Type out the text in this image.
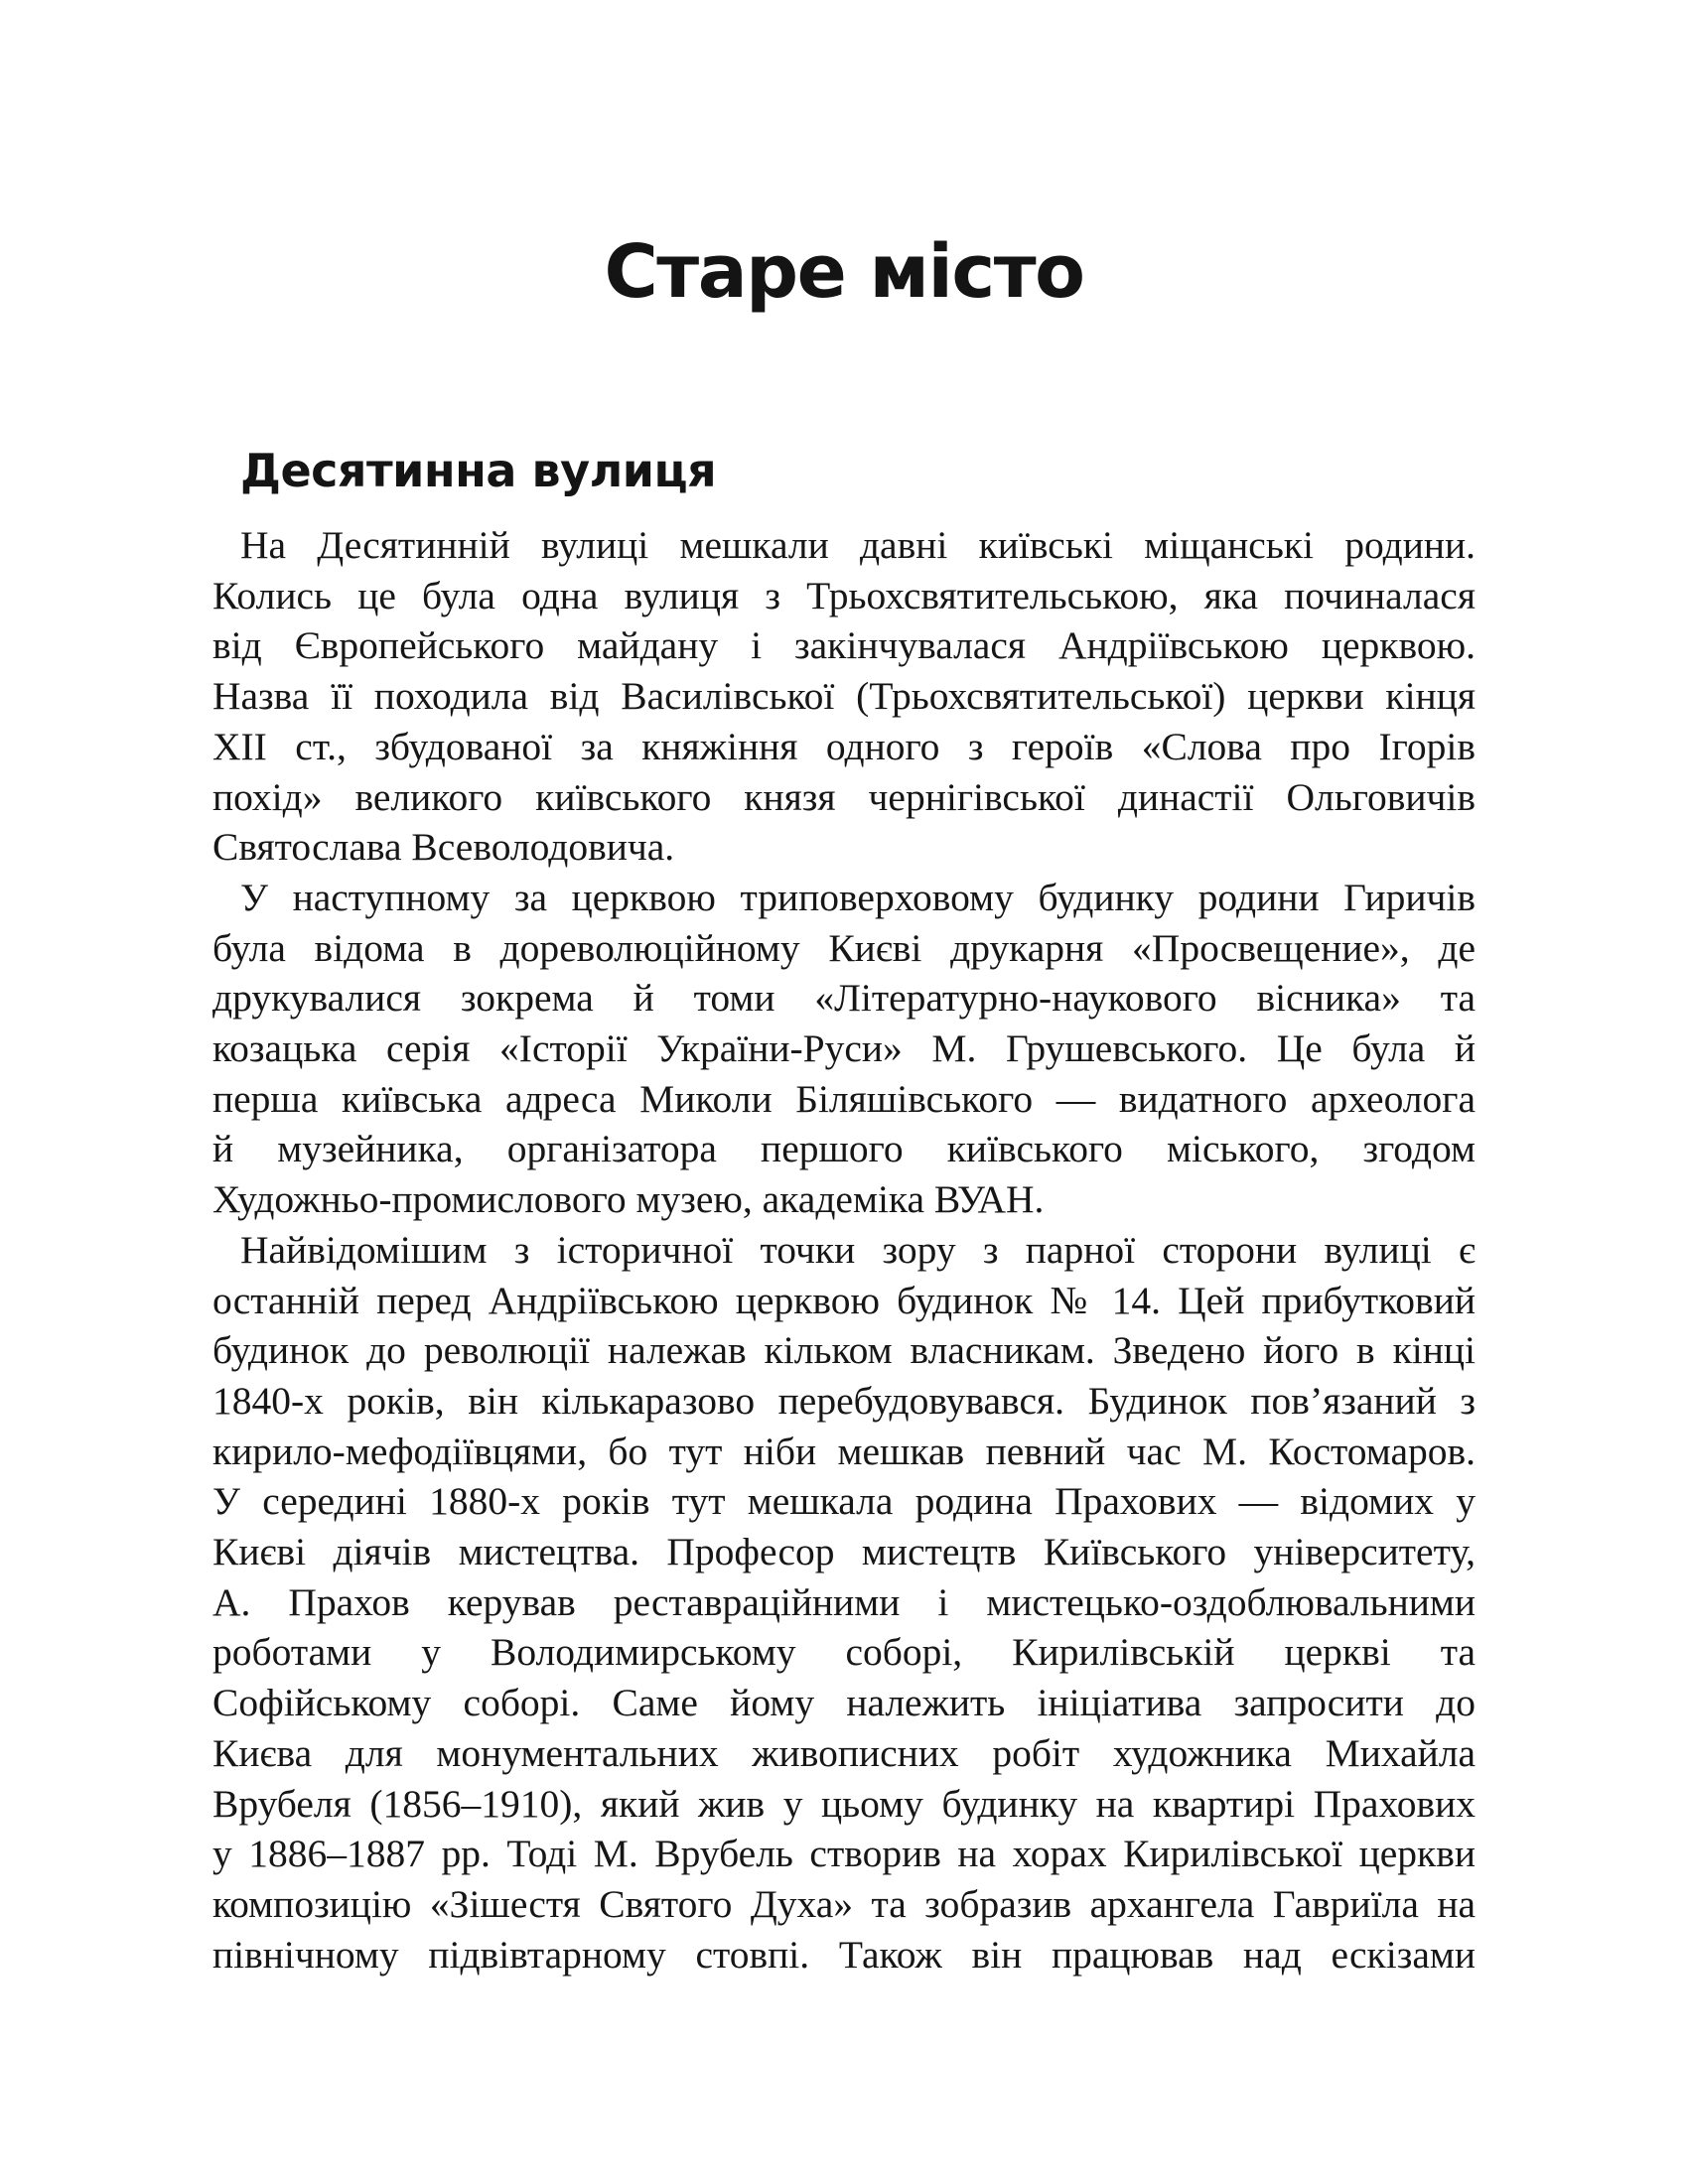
Старе місто
Десятинна вулиця
На Десятинній вулиці мешкали давні київські міщанські родини.
Колись це була одна вулиця з Трьохсвятительською, яка починалася
від Європейського майдану і закінчувалася Андріївською церквою.
Назва її походила від Василівської (Трьохсвятительської) церкви кінця
XII ст., збудованої за княжіння одного з героїв «Слова про Ігорів
похід» великого київського князя чернігівської династії Ольговичів
Святослава Всеволодовича.
У наступному за церквою триповерховому будинку родини Гиричів
була відома в дореволюційному Києві друкарня «Просвещение», де
друкувалися зокрема й томи «Літературно-наукового вісника» та
козацька серія «Історії України-Руси» М. Грушевського. Це була й
перша київська адреса Миколи Біляшівського — видатного археолога
й музейника, організатора першого київського міського, згодом
Художньо-промислового музею, академіка ВУАН.
Найвідомішим з історичної точки зору з парної сторони вулиці є
останній перед Андріївською церквою будинок № 14. Цей прибутковий
будинок до революції належав кільком власникам. Зведено його в кінці
1840-х років, він кількаразово перебудовувався. Будинок пов’язаний з
кирило-мефодіївцями, бо тут ніби мешкав певний час М. Костомаров.
У середині 1880-х років тут мешкала родина Прахових — відомих у
Києві діячів мистецтва. Професор мистецтв Київського університету,
А. Прахов керував реставраційними і мистецько-оздоблювальними
роботами у Володимирському соборі, Кирилівській церкві та
Софійському соборі. Саме йому належить ініціатива запросити до
Києва для монументальних живописних робіт художника Михайла
Врубеля (1856–1910), який жив у цьому будинку на квартирі Прахових
у 1886–1887 рр. Тоді М. Врубель створив на хорах Кирилівської церкви
композицію «Зішестя Святого Духа» та зобразив архангела Гавриїла на
північному підвівтарному стовпі. Також він працював над ескізами
